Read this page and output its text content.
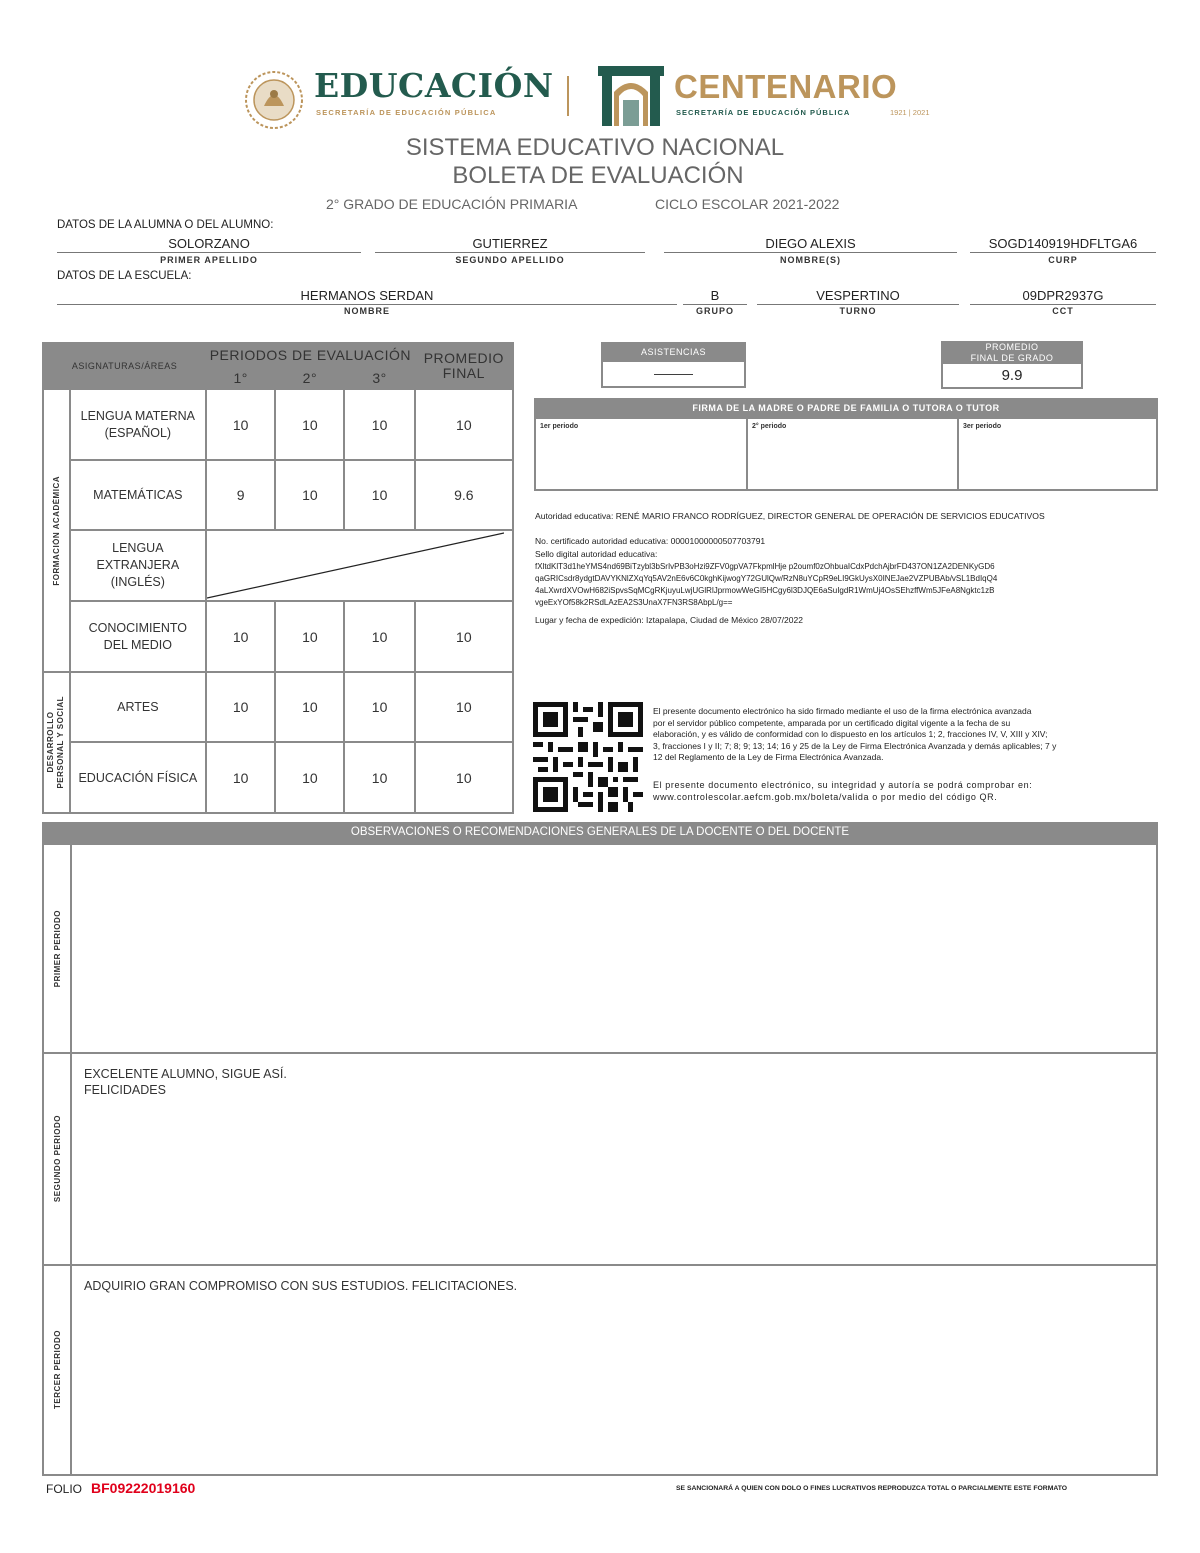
EDUCACIÓN
SECRETARÍA DE EDUCACIÓN PÚBLICA
CENTENARIO
SECRETARÍA DE EDUCACIÓN PÚBLICA	1921 | 2021
SISTEMA EDUCATIVO NACIONAL
BOLETA DE EVALUACIÓN
2° GRADO DE EDUCACIÓN PRIMARIA	CICLO ESCOLAR 2021-2022
DATOS DE LA ALUMNA O DEL ALUMNO:
SOLORZANO
PRIMER APELLIDO
GUTIERREZ
SEGUNDO APELLIDO
DIEGO ALEXIS
NOMBRE(S)
SOGD140919HDFLTGA6
CURP
DATOS DE LA ESCUELA:
HERMANOS SERDAN
NOMBRE
B
GRUPO
VESPERTINO
TURNO
09DPR2937G
CCT
ASIGNATURAS/ÁREAS		PERIODOS DE EVALUACIÓN			PROMEDIO FINAL
		1°	2°	3°	

FORMACIÓN ACADÉMICA	LENGUA MATERNA
(ESPAÑOL)	10	10	10	10

	MATEMÁTICAS	9	10	10	9.6

	LENGUA EXTRANJERA
(INGLÉS)

	CONOCIMIENTO
DEL MEDIO	10	10	10	10

DESARROLLO
PERSONAL Y SOCIAL	ARTES	10	10	10	10

	EDUCACIÓN FÍSICA	10	10	10	10
ASISTENCIAS
———
PROMEDIO
FINAL DE GRADO
9.9
FIRMA DE LA MADRE O PADRE DE FAMILIA O TUTORA O TUTOR
1er periodo	2° periodo	3er periodo
Autoridad educativa: RENÉ MARIO FRANCO RODRÍGUEZ, DIRECTOR GENERAL DE OPERACIÓN DE SERVICIOS EDUCATIVOS
No. certificado autoridad educativa: 00001000000507703791
Sello digital autoridad educativa:
fXltdKlT3d1heYMS4nd69BiTzybl3bSrIvPB3oHzi9ZFV0gpVA7FkpmlHje p2oumf0zOhbuaICdxPdchAjbrFD437ON1ZA2DENKyGD6
qaGRICsdr8ydgtDAVYKNlZXqYq5AV2nE6v6C0kghKijwogY72GUlQw/RzN8uYCpR9eLI9GkUysX0INEJae2VZPUBAb/vSL1BdIqQ4
4aLXwrdXVOwH682iSpvsSqMCgRKjuyuLwjUGlRlJprmowWeGI5HCgy6l3DJQE6aSuIgdR1WmUj4OsSEhzffWm5JFeA8Ngktc1zB
vgeExYOf58k2RSdLAzEA2S3UnaX7FN3RS8AbpL/g==
Lugar y fecha de expedición: Iztapalapa, Ciudad de México 28/07/2022
El presente documento electrónico ha sido firmado mediante el uso de la firma electrónica avanzada
por el servidor público competente, amparada por un certificado digital vigente a la fecha de su
elaboración, y es válido de conformidad con lo dispuesto en los artículos 1; 2, fracciones IV, V, XIII y XIV;
3, fracciones I y II; 7; 8; 9; 13; 14; 16 y 25 de la Ley de Firma Electrónica Avanzada y demás aplicables; 7 y
12 del Reglamento de la Ley de Firma Electrónica Avanzada.
El presente documento electrónico, su integridad y autoría se podrá comprobar en:
www.controlescolar.aefcm.gob.mx/boleta/valida o por medio del código QR.
OBSERVACIONES O RECOMENDACIONES GENERALES DE LA DOCENTE O DEL DOCENTE
PRIMER PERIODO
SEGUNDO PERIODO
EXCELENTE ALUMNO, SIGUE ASÍ.
FELICIDADES
TERCER PERIODO
ADQUIRIO GRAN COMPROMISO CON SUS ESTUDIOS. FELICITACIONES.
FOLIO BF09222019160	SE SANCIONARÁ A QUIEN CON DOLO O FINES LUCRATIVOS REPRODUZCA TOTAL O PARCIALMENTE ESTE FORMATO
